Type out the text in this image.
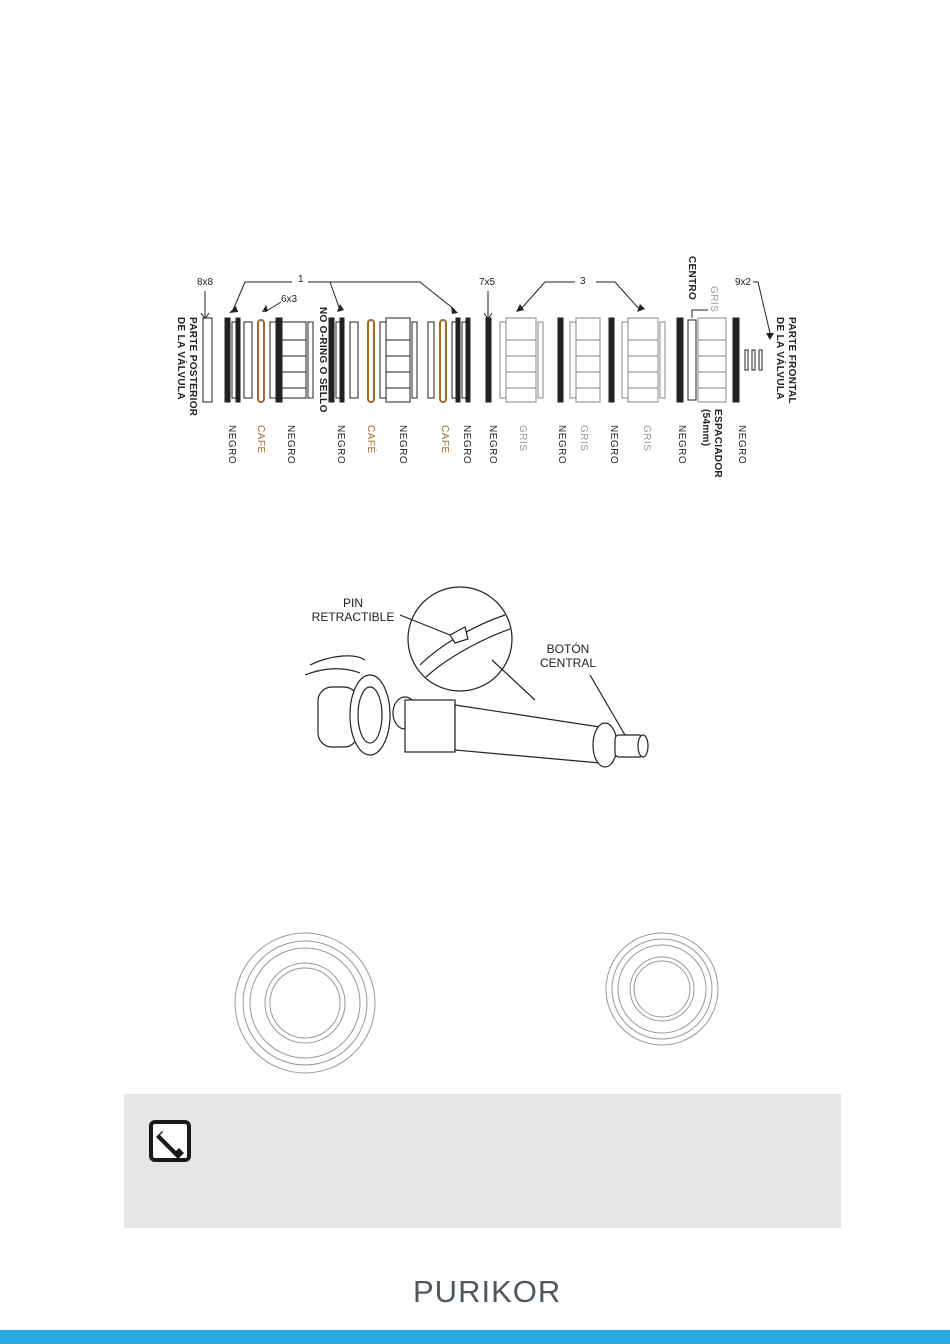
PARTE POSTERIOR
DE LA VÁLVULA	PARTE FRONTAL
DE LA VÁLVULA
8x8	1
6x3
7x5	3	9x2
NO O-RING O SELLO
CENTRO GRIS
ESPACIADOR
(54mm)
NEGRO CAFÉ NEGRO	NEGRO CAFÉ NEGRO	CAFÉ NEGRO NEGRO GRIS	NEGRO GRIS NEGRO GRIS NEGRO	NEGRO
PIN
RETRACTIBLE
BOTÓN
CENTRAL
PURIKOR
